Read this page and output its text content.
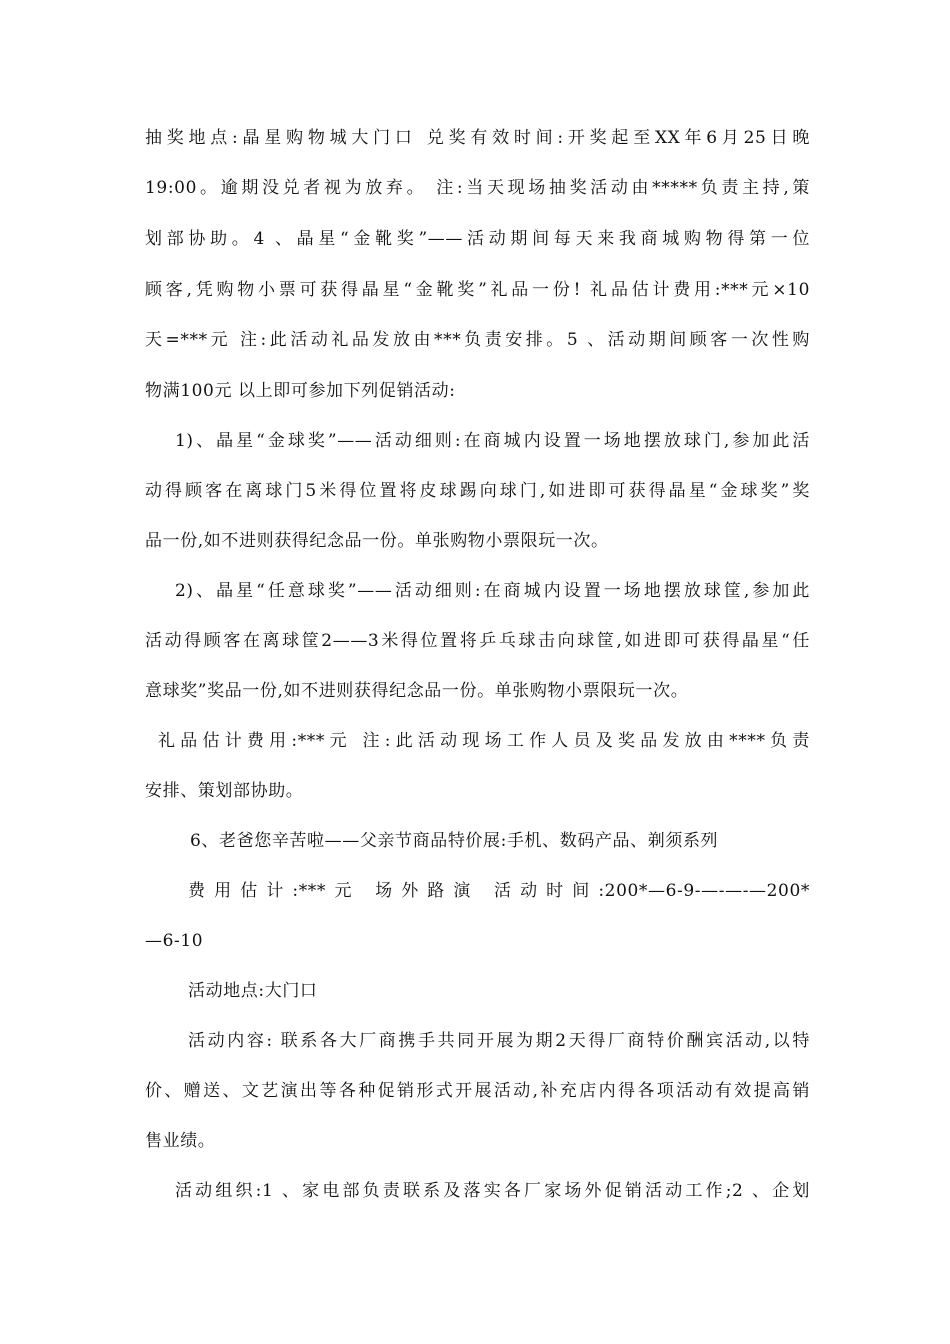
抽奖地点:晶星购物城大门口 兑奖有效时间:开奖起至XX年6月25日晚
19:00。逾期没兑者视为放弃。 注:当天现场抽奖活动由*****负责主持,策
划部协助。4 、晶星“金靴奖”——活动期间每天来我商城购物得第一位
顾客,凭购物小票可获得晶星“金靴奖”礼品一份! 礼品估计费用:***元×10
天=***元 注:此活动礼品发放由***负责安排。5 、活动期间顾客一次性购
物满100元 以上即可参加下列促销活动:
1)、晶星“金球奖”——活动细则:在商城内设置一场地摆放球门,参加此活
动得顾客在离球门5米得位置将皮球踢向球门,如进即可获得晶星“金球奖”奖
品一份,如不进则获得纪念品一份。单张购物小票限玩一次。
2)、晶星“任意球奖”——活动细则:在商城内设置一场地摆放球筐,参加此
活动得顾客在离球筐2——3米得位置将乒乓球击向球筐,如进即可获得晶星“任
意球奖”奖品一份,如不进则获得纪念品一份。单张购物小票限玩一次。
礼品估计费用:***元 注:此活动现场工作人员及奖品发放由****负责
安排、策划部协助。
6、老爸您辛苦啦——父亲节商品特价展:手机、数码产品、剃须系列
费用估计:***元 场外路演 活动时间:200*—6-9-—-—-—200*
—6-10
活动地点:大门口
活动内容: 联系各大厂商携手共同开展为期2天得厂商特价酬宾活动,以特
价、赠送、文艺演出等各种促销形式开展活动,补充店内得各项活动有效提高销
售业绩。
活动组织:1 、家电部负责联系及落实各厂家场外促销活动工作;2 、企划
